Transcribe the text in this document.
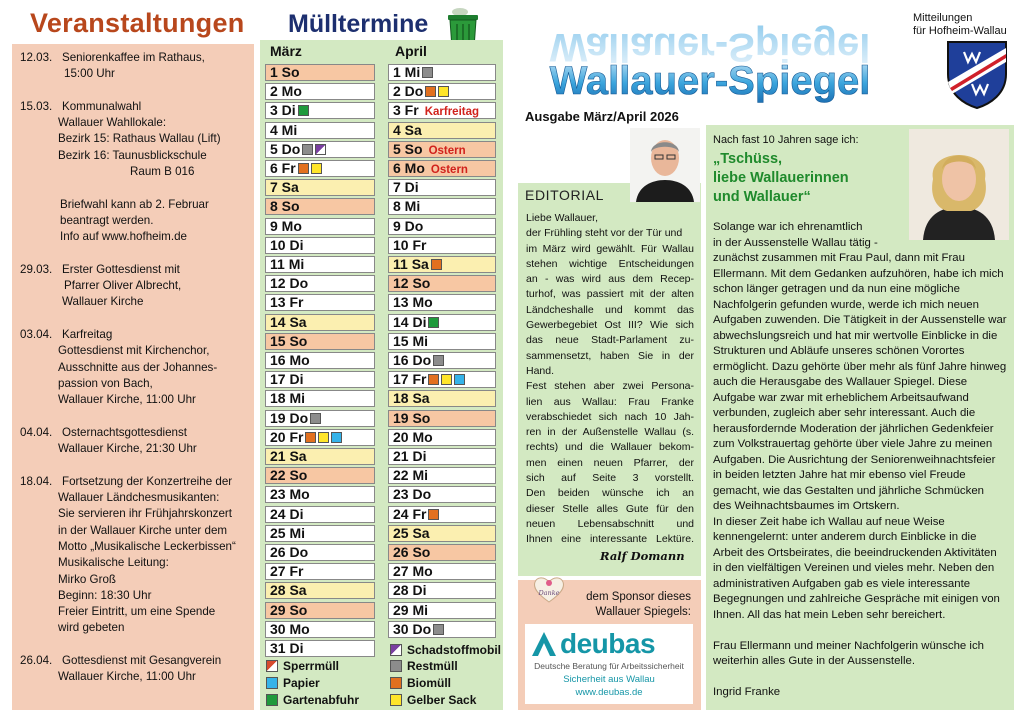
Veranstaltungen
12.03. Seniorenkaffee im Rathaus,
15:00 Uhr
15.03. Kommunalwahl
Wallauer Wahllokale:
Bezirk 15: Rathaus Wallau (Lift)
Bezirk 16: Taunusblickschule
Raum B 016
Briefwahl kann ab 2. Februar
beantragt werden.
Info auf www.hofheim.de
29.03. Erster Gottesdienst mit
Pfarrer Oliver Albrecht,
Wallauer Kirche
03.04. Karfreitag
Gottesdienst mit Kirchenchor,
Ausschnitte aus der Johannes-
passion von Bach,
Wallauer Kirche, 11:00 Uhr
04.04. Osternachtsgottesdienst
Wallauer Kirche, 21:30 Uhr
18.04. Fortsetzung der Konzertreihe der
Wallauer Ländchesmusikanten:
Sie servieren ihr Frühjahrskonzert
in der Wallauer Kirche unter dem
Motto „Musikalische Leckerbissen“
Musikalische Leitung:
Mirko Groß
Beginn: 18:30 Uhr
Freier Eintritt, um eine Spende
wird gebeten
26.04. Gottesdienst mit Gesangverein
Wallauer Kirche, 11:00 Uhr
Mülltermine
März	April
1 So
2 Mo
3 Di
4 Mi
5 Do
6 Fr
7 Sa
8 So
9 Mo
10 Di
11 Mi
12 Do
13 Fr
14 Sa
15 So
16 Mo
17 Di
18 Mi
19 Do
20 Fr
21 Sa
22 So
23 Mo
24 Di
25 Mi
26 Do
27 Fr
28 Sa
29 So
30 Mo
31 Di
1 Mi
2 Do
3 Fr Karfreitag
4 Sa
5 So Ostern
6 Mo Ostern
7 Di
8 Mi
9 Do
10 Fr
11 Sa
12 So
13 Mo
14 Di
15 Mi
16 Do
17 Fr
18 Sa
19 So
20 Mo
21 Di
22 Mi
23 Do
24 Fr
25 Sa
26 So
27 Mo
28 Di
29 Mi
30 Do
Sperrmüll
Papier
Gartenabfuhr
Schadstoffmobil
Restmüll
Biomüll
Gelber Sack
Wallauer-Spiegel
Wallauer-Spiegel
Mitteilungen
für Hofheim-Wallau
Ausgabe März/April 2026
EDITORIAL
Liebe Wallauer,
der Frühling steht vor der Tür und
im März wird gewählt. Für Wallau
stehen wichtige Entscheidungen
an - was wird aus dem Recep-
turhof, was passiert mit der alten
Ländcheshalle und kommt das
Gewerbegebiet Ost III? Wie sich
das neue Stadt-Parlament zu-
sammensetzt, haben Sie in der
Hand.
Fest stehen aber zwei Persona-
lien aus Wallau: Frau Franke
verabschiedet sich nach 10 Jah-
ren in der Außenstelle Wallau (s.
rechts) und die Wallauer bekom-
men einen neuen Pfarrer, der
sich auf Seite 3 vorstellt.
Den beiden wünsche ich an
dieser Stelle alles Gute für den
neuen Lebensabschnitt und
Ihnen eine interessante Lektüre.
Ralf Domann
Danke dem Sponsor dieses
Wallauer Spiegels:
deubas
Deutsche Beratung für Arbeitssicherheit
Sicherheit aus Wallau
www.deubas.de
Nach fast 10 Jahren sage ich:
„Tschüss,
liebe Wallauerinnen
und Wallauer“
Solange war ich ehrenamtlich
in der Aussenstelle Wallau tätig -
zunächst zusammen mit Frau Paul, dann mit Frau
Ellermann. Mit dem Gedanken aufzuhören, habe ich mich
schon länger getragen und da nun eine mögliche
Nachfolgerin gefunden wurde, werde ich mich neuen
Aufgaben zuwenden. Die Tätigkeit in der Aussenstelle war
abwechslungsreich und hat mir wertvolle Einblicke in die
Strukturen und Abläufe unseres schönen Vorortes
ermöglicht. Dazu gehörte über mehr als fünf Jahre hinweg
auch die Herausgabe des Wallauer Spiegel. Diese
Aufgabe war zwar mit erheblichem Arbeitsaufwand
verbunden, zugleich aber sehr interessant. Auch die
herausfordernde Moderation der jährlichen Gedenkfeier
zum Volkstrauertag gehörte über viele Jahre zu meinen
Aufgaben. Die Ausrichtung der Seniorenweihnachtsfeier
in beiden letzten Jahre hat mir ebenso viel Freude
gemacht, wie das Gestalten und jährliche Schmücken
des Weihnachtsbaumes im Ortskern.
In dieser Zeit habe ich Wallau auf neue Weise
kennengelernt: unter anderem durch Einblicke in die
Arbeit des Ortsbeirates, die beeindruckenden Aktivitäten
in den vielfältigen Vereinen und vieles mehr. Neben den
administrativen Aufgaben gab es viele interessante
Begegnungen und zahlreiche Gespräche mit einigen von
Ihnen. All das hat mein Leben sehr bereichert.
Frau Ellermann und meiner Nachfolgerin wünsche ich
weiterhin alles Gute in der Aussenstelle.
Ingrid Franke
